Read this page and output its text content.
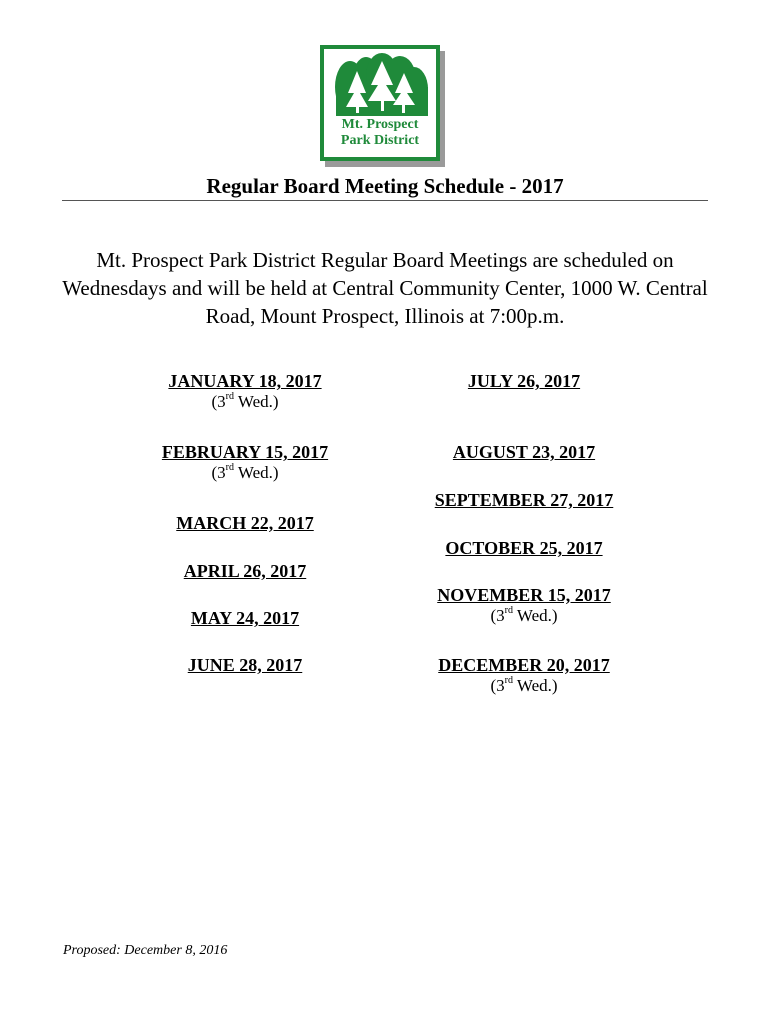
Mt. Prospect
Park District
Regular Board Meeting Schedule - 2017
Mt. Prospect Park District Regular Board Meetings are scheduled on Wednesdays and will be held at Central Community Center, 1000 W. Central Road, Mount Prospect, Illinois at 7:00p.m.
JANUARY 18, 2017
(3rd Wed.)
FEBRUARY 15, 2017
(3rd Wed.)
MARCH 22, 2017
APRIL 26, 2017
MAY 24, 2017
JUNE 28, 2017
JULY 26, 2017
AUGUST 23, 2017
SEPTEMBER 27, 2017
OCTOBER 25, 2017
NOVEMBER 15, 2017
(3rd Wed.)
DECEMBER 20, 2017
(3rd Wed.)
Proposed: December 8, 2016
